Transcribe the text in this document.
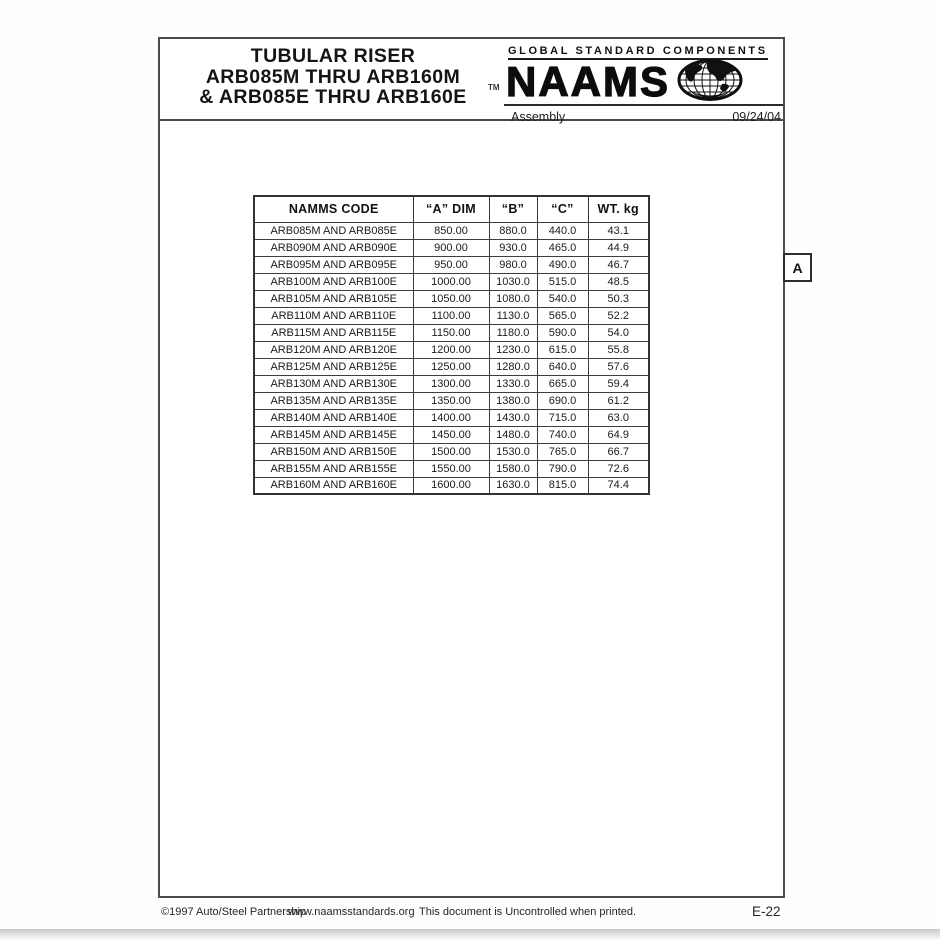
TUBULAR RISER
ARB085M THRU ARB160M
& ARB085E THRU ARB160E	TM
GLOBAL STANDARD COMPONENTS
NAAMS
Assembly	09/24/04
NAMMS CODE	“A” DIM	“B”	“C”	WT. kg
ARB085M AND ARB085E	850.00	880.0	440.0	43.1
ARB090M AND ARB090E	900.00	930.0	465.0	44.9
ARB095M AND ARB095E	950.00	980.0	490.0	46.7
ARB100M AND ARB100E	1000.00	1030.0	515.0	48.5
ARB105M AND ARB105E	1050.00	1080.0	540.0	50.3
ARB110M AND ARB110E	1100.00	1130.0	565.0	52.2
ARB115M AND ARB115E	1150.00	1180.0	590.0	54.0
ARB120M AND ARB120E	1200.00	1230.0	615.0	55.8
ARB125M AND ARB125E	1250.00	1280.0	640.0	57.6
ARB130M AND ARB130E	1300.00	1330.0	665.0	59.4
ARB135M AND ARB135E	1350.00	1380.0	690.0	61.2
ARB140M AND ARB140E	1400.00	1430.0	715.0	63.0
ARB145M AND ARB145E	1450.00	1480.0	740.0	64.9
ARB150M AND ARB150E	1500.00	1530.0	765.0	66.7
ARB155M AND ARB155E	1550.00	1580.0	790.0	72.6
ARB160M AND ARB160E	1600.00	1630.0	815.0	74.4
A
©1997 Auto/Steel Partnership
www.naamsstandards.org This document is Uncontrolled when printed.	E-22
